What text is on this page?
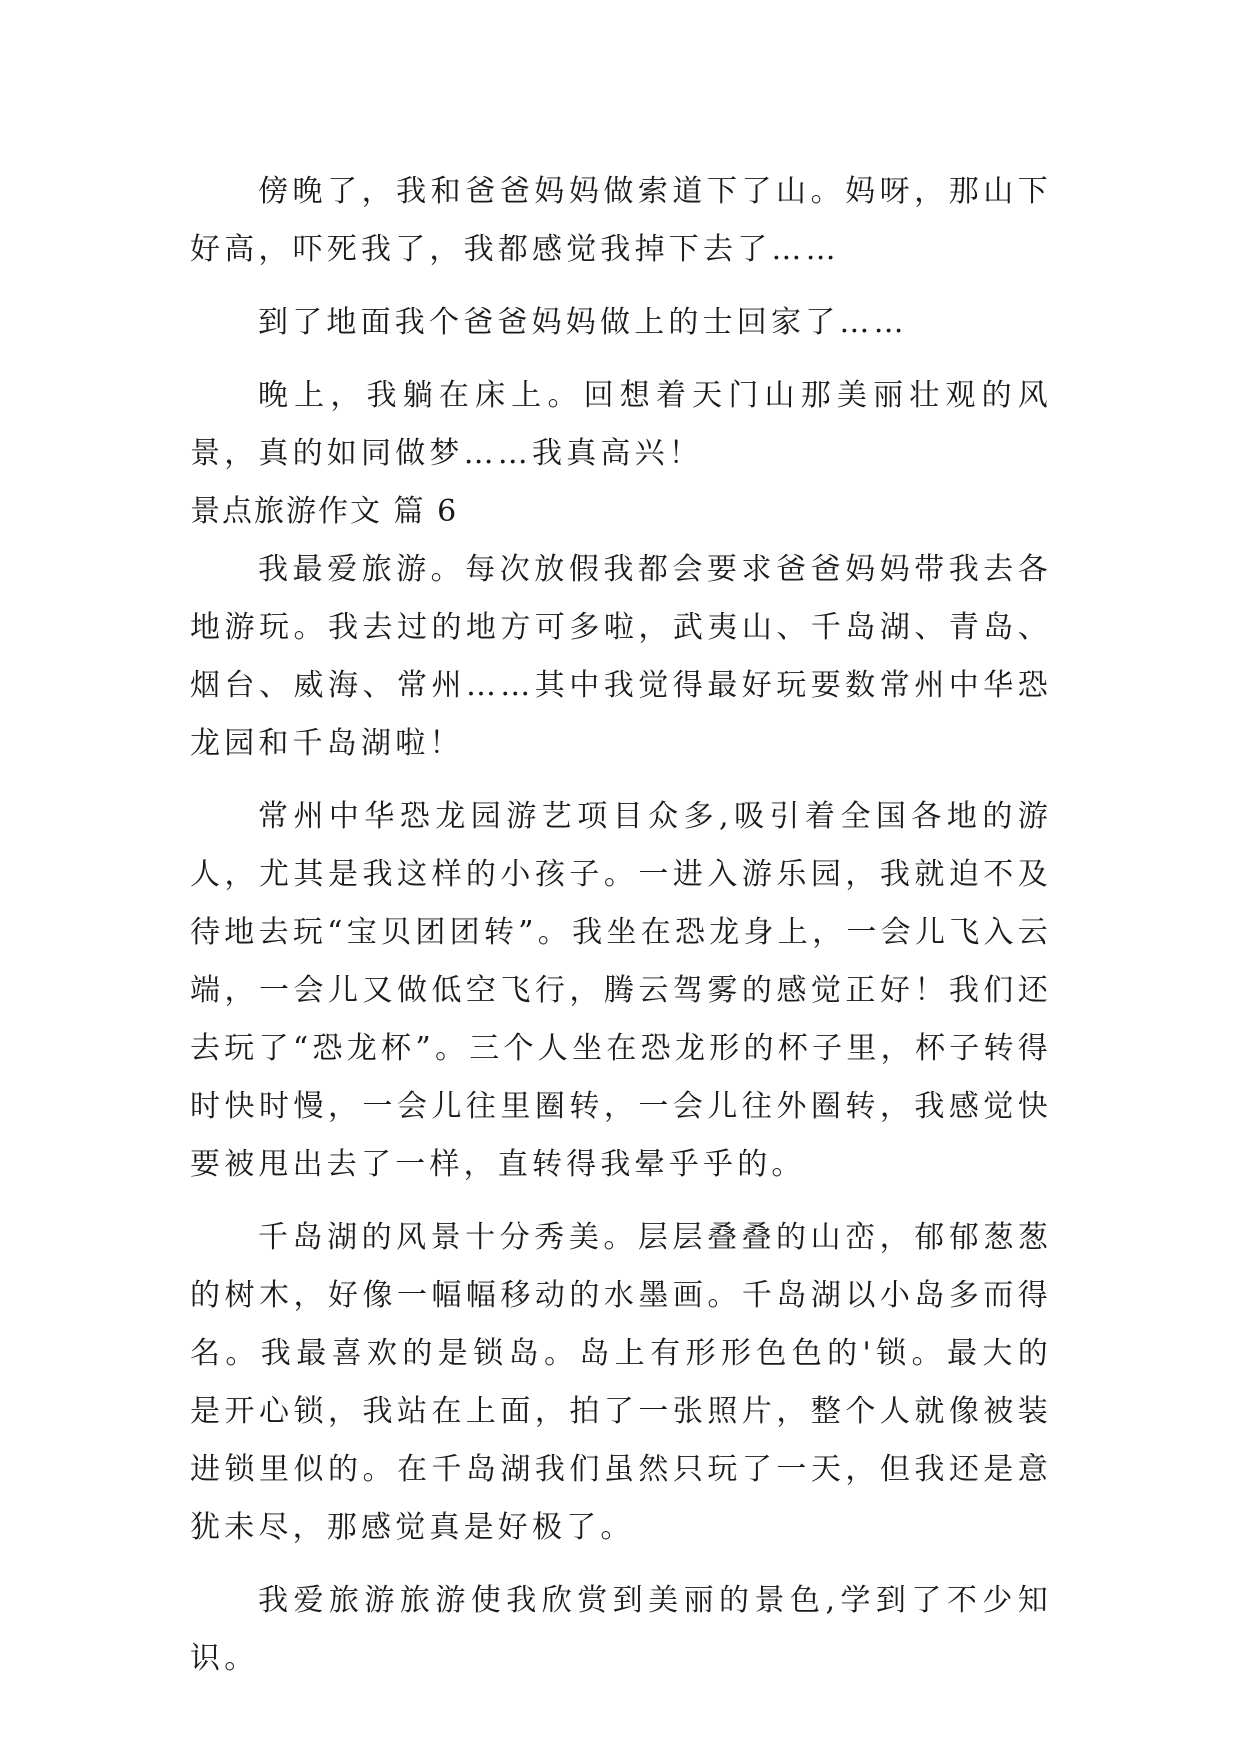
傍晚了，我和爸爸妈妈做索道下了山。妈呀，那山下好高，吓死我了，我都感觉我掉下去了……

到了地面我个爸爸妈妈做上的士回家了……

晚上，我躺在床上。回想着天门山那美丽壮观的风景，真的如同做梦……我真高兴！

景点旅游作文 篇 6

我最爱旅游。每次放假我都会要求爸爸妈妈带我去各地游玩。我去过的地方可多啦，武夷山、千岛湖、青岛、烟台、威海、常州……其中我觉得最好玩要数常州中华恐龙园和千岛湖啦！

常州中华恐龙园游艺项目众多,吸引着全国各地的游人，尤其是我这样的小孩子。一进入游乐园，我就迫不及待地去玩“宝贝团团转”。我坐在恐龙身上，一会儿飞入云端，一会儿又做低空飞行，腾云驾雾的感觉正好！我们还去玩了“恐龙杯”。三个人坐在恐龙形的杯子里，杯子转得时快时慢，一会儿往里圈转，一会儿往外圈转，我感觉快要被甩出去了一样，直转得我晕乎乎的。

千岛湖的风景十分秀美。层层叠叠的山峦，郁郁葱葱的树木，好像一幅幅移动的水墨画。千岛湖以小岛多而得名。我最喜欢的是锁岛。岛上有形形色色的'锁。最大的是开心锁，我站在上面，拍了一张照片，整个人就像被装进锁里似的。在千岛湖我们虽然只玩了一天，但我还是意犹未尽，那感觉真是好极了。

我爱旅游旅游使我欣赏到美丽的景色,学到了不少知识。
